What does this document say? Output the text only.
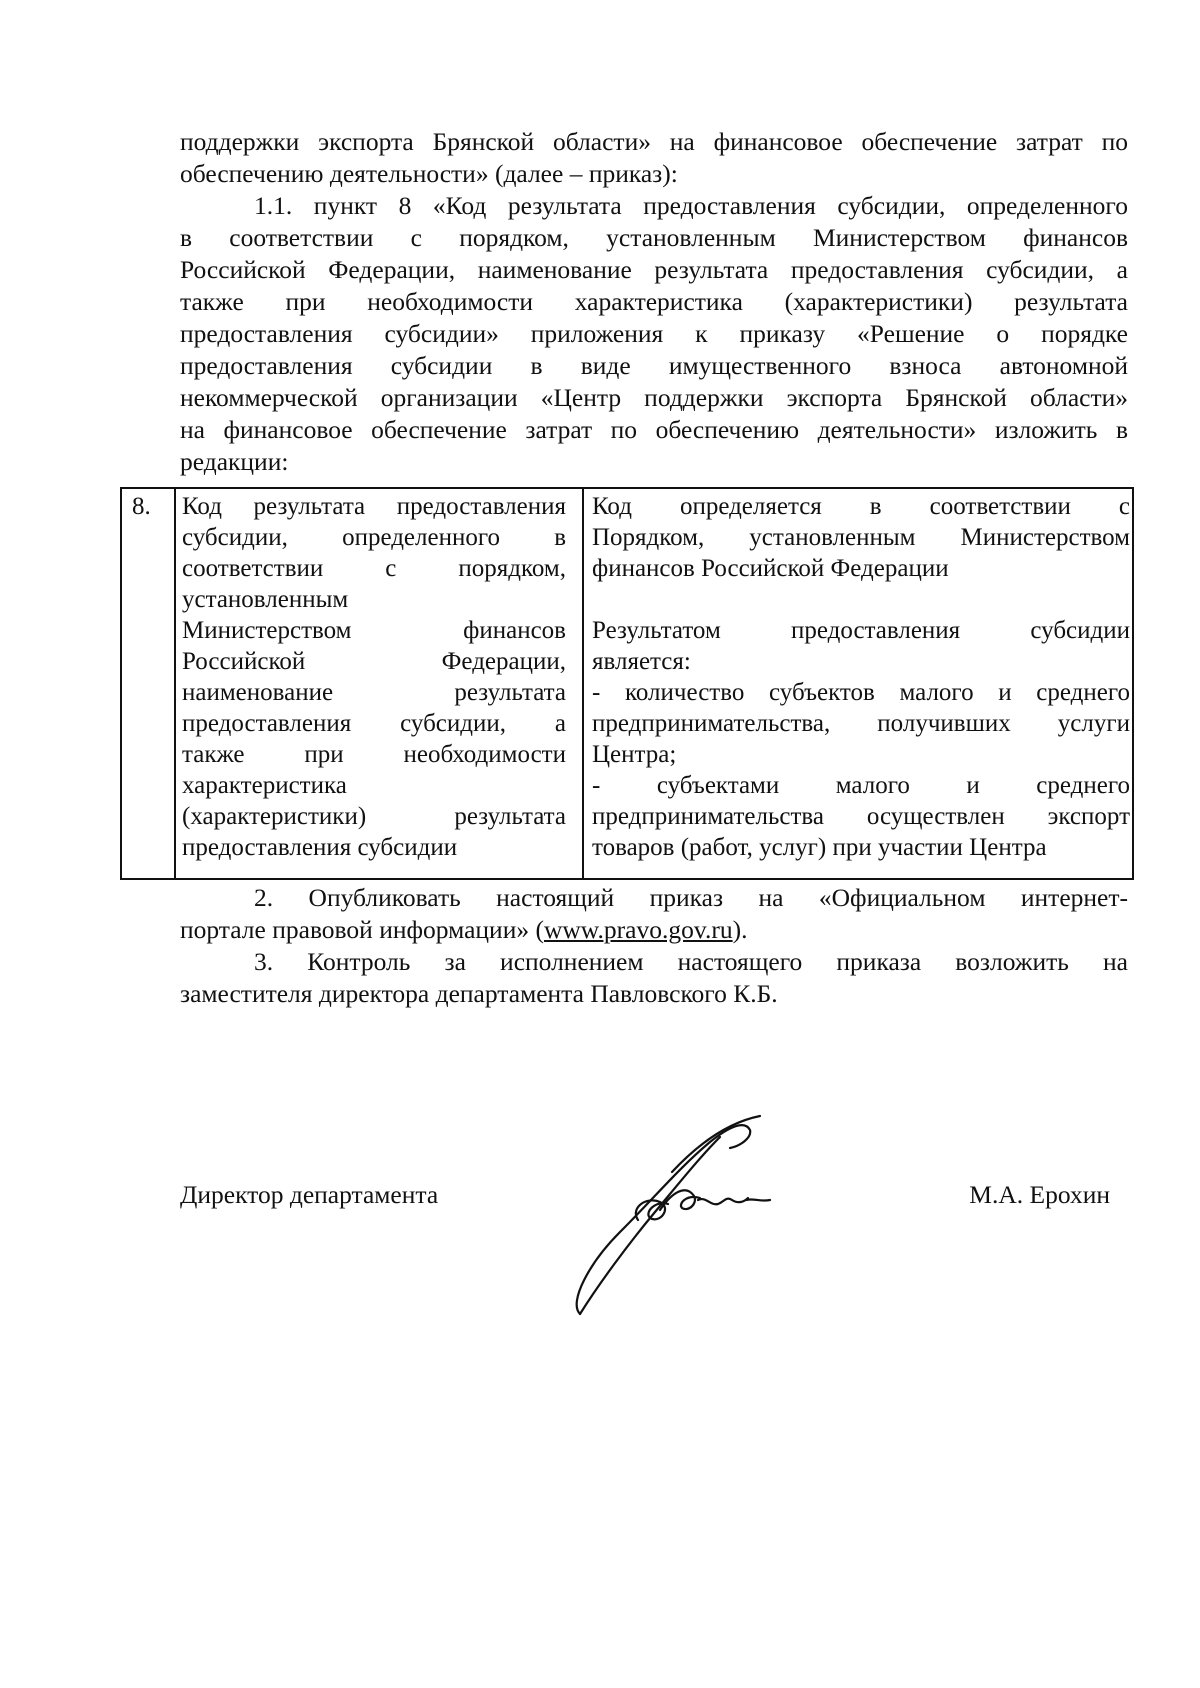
поддержки экспорта Брянской области» на финансовое обеспечение затрат по
обеспечению деятельности» (далее – приказ):
1.1. пункт 8 «Код результата предоставления субсидии, определенного
в соответствии с порядком, установленным Министерством финансов
Российской Федерации, наименование результата предоставления субсидии, а
также при необходимости характеристика (характеристики) результата
предоставления субсидии» приложения к приказу «Решение о порядке
предоставления субсидии в виде имущественного взноса автономной
некоммерческой организации «Центр поддержки экспорта Брянской области»
на финансовое обеспечение затрат по обеспечению деятельности» изложить в
редакции:
8.	Код результата предоставления
субсидии, определенного в
соответствии с порядком,
установленным
Министерством финансов
Российской Федерации,
наименование результата
предоставления субсидии, а
также при необходимости
характеристика
(характеристики) результата
предоставления субсидии
Код определяется в соответствии с
Порядком, установленным Министерством
финансов Российской Федерации
Результатом предоставления субсидии
является:
- количество субъектов малого и среднего
предпринимательства, получивших услуги
Центра;
- субъектами малого и среднего
предпринимательства осуществлен экспорт
товаров (работ, услуг) при участии Центра
2. Опубликовать настоящий приказ на «Официальном интернет-
портале правовой информации» (www.pravo.gov.ru).
3. Контроль за исполнением настоящего приказа возложить на
заместителя директора департамента Павловского К.Б.
Директор департамента	М.А. Ерохин
